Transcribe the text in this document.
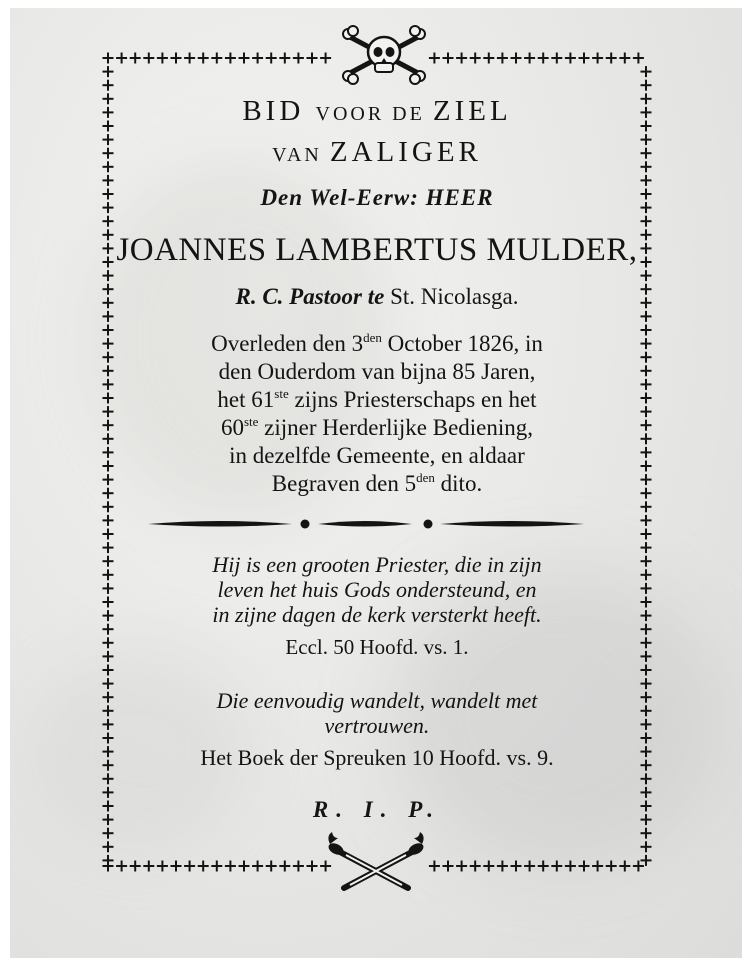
BID VOOR DE ZIEL
VAN ZALIGER
Den Wel-Eerw: HEER
JOANNES LAMBERTUS MULDER,
R. C. Pastoor te St. Nicolasga.
Overleden den $3^{den}$ October 1826, in
den Ouderdom van bijna 85 Jaren,
het 61ste zijns Priesterschaps en het
60ste zijner Herderlijke Bediening,
in dezelfde Gemeente, en aldaar
Begraven den $5^{den}$ dito.
Hij is een grooten Priester, die in zijn
leven het huis Gods ondersteund, en
in zijne dagen de kerk versterkt heeft.
Eccl. 50 Hoofd. vs. 1.
Die eenvoudig wandelt, wandelt met
vertrouwen.
Het Boek der Spreuken 10 Hoofd. vs. 9.
R. I. P.
